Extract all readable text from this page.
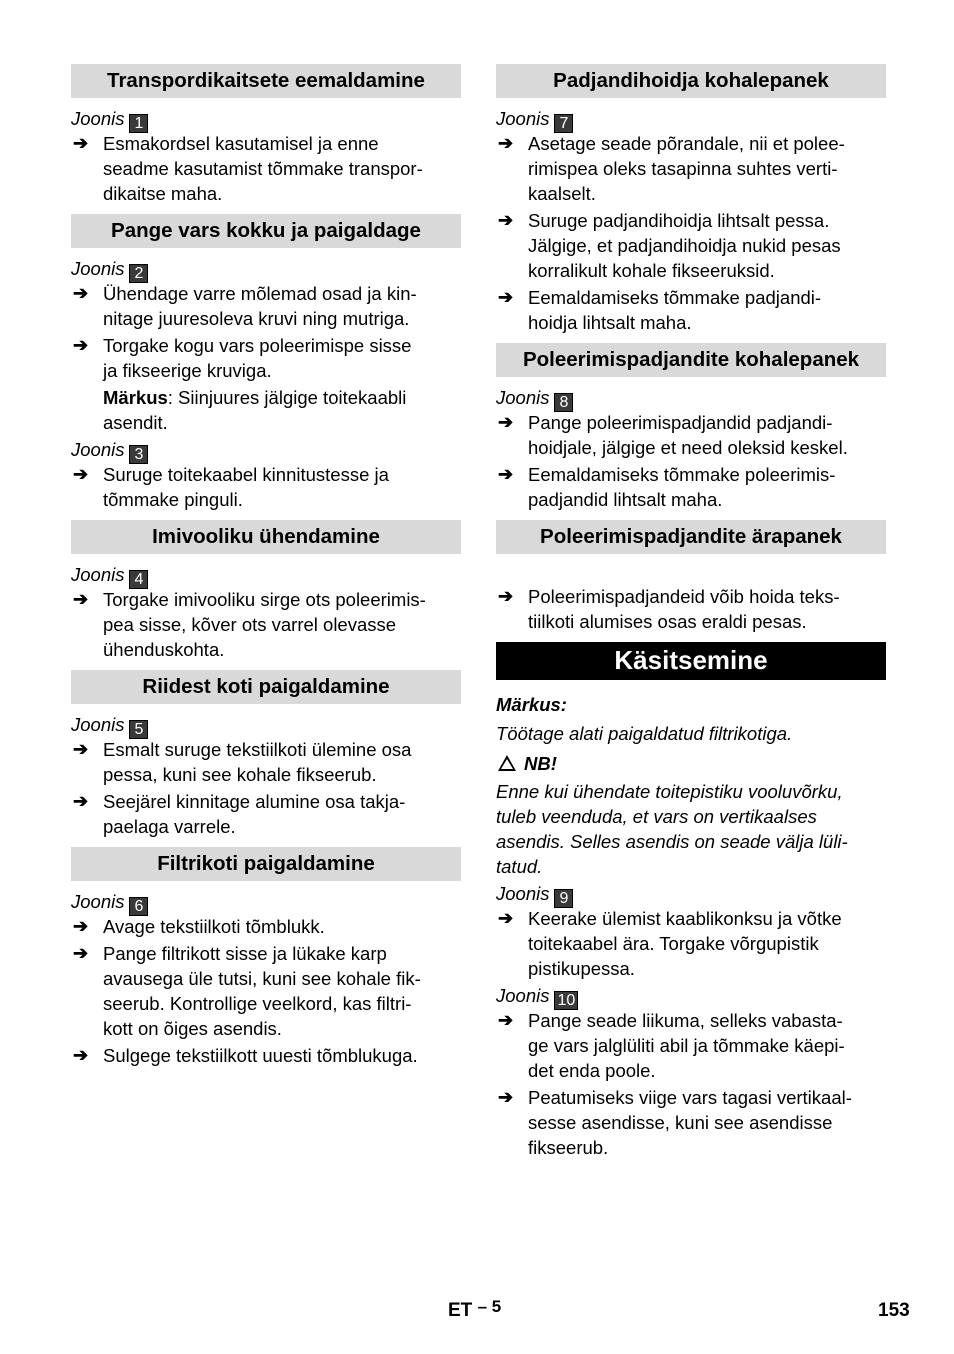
Transpordikaitsete eemaldamine
Joonis 1
➔ Esmakordsel kasutamisel ja enne
seadme kasutamist tõmmake transpor-
dikaitse maha.
Pange vars kokku ja paigaldage
Joonis 2
➔ Ühendage varre mõlemad osad ja kin-
nitage juuresoleva kruvi ning mutriga.
➔ Torgake kogu vars poleerimispe sisse
ja fikseerige kruviga.
Märkus: Siinjuures jälgige toitekaabli
asendit.
Joonis 3
➔ Suruge toitekaabel kinnitustesse ja
tõmmake pinguli.
Imivooliku ühendamine
Joonis 4
➔ Torgake imivooliku sirge ots poleerimis-
pea sisse, kõver ots varrel olevasse
ühenduskohta.
Riidest koti paigaldamine
Joonis 5
➔ Esmalt suruge tekstiilkoti ülemine osa
pessa, kuni see kohale fikseerub.
➔ Seejärel kinnitage alumine osa takja-
paelaga varrele.
Filtrikoti paigaldamine
Joonis 6
➔ Avage tekstiilkoti tõmblukk.
➔ Pange filtrikott sisse ja lükake karp
avausega üle tutsi, kuni see kohale fik-
seerub. Kontrollige veelkord, kas filtri-
kott on õiges asendis.
➔ Sulgege tekstiilkott uuesti tõmblukuga.
Padjandihoidja kohalepanek
Joonis 7
➔ Asetage seade põrandale, nii et polee-
rimispea oleks tasapinna suhtes verti-
kaalselt.
➔ Suruge padjandihoidja lihtsalt pessa.
Jälgige, et padjandihoidja nukid pesas
korralikult kohale fikseeruksid.
➔ Eemaldamiseks tõmmake padjandi-
hoidja lihtsalt maha.
Poleerimispadjandite kohalepanek
Joonis 8
➔ Pange poleerimispadjandid padjandi-
hoidjale, jälgige et need oleksid keskel.
➔ Eemaldamiseks tõmmake poleerimis-
padjandid lihtsalt maha.
Poleerimispadjandite ärapanek
➔ Poleerimispadjandeid võib hoida teks-
tiilkoti alumises osas eraldi pesas.
Käsitsemine
Märkus:
Töötage alati paigaldatud filtrikotiga.
NB!
Enne kui ühendate toitepistiku vooluvõrku,
tuleb veenduda, et vars on vertikaalses
asendis. Selles asendis on seade välja lüli-
tatud.
Joonis 9
➔ Keerake ülemist kaablikonksu ja võtke
toitekaabel ära. Torgake võrgupistik
pistikupessa.
Joonis 10
➔ Pange seade liikuma, selleks vabasta-
ge vars jalglüliti abil ja tõmmake käepi-
det enda poole.
➔ Peatumiseks viige vars tagasi vertikaal-
sesse asendisse, kuni see asendisse
fikseerub.
ET – 5	153
